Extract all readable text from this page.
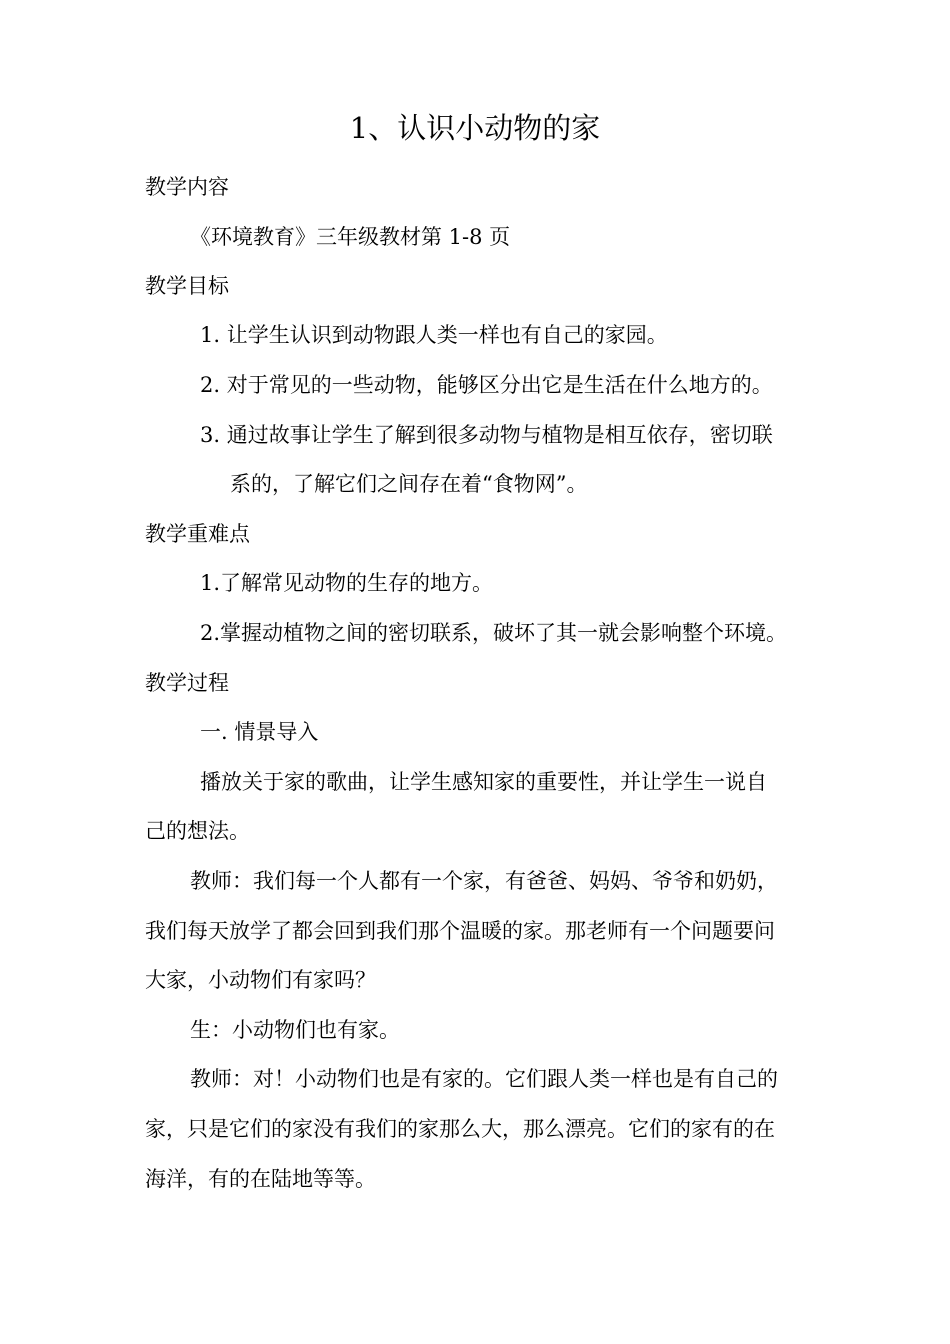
1、认识小动物的家
教学内容
《环境教育》三年级教材第 1-8 页
教学目标
1. 让学生认识到动物跟人类一样也有自己的家园。
2. 对于常见的一些动物，能够区分出它是生活在什么地方的。
3. 通过故事让学生了解到很多动物与植物是相互依存，密切联
系的，了解它们之间存在着“食物网”。
教学重难点
1.了解常见动物的生存的地方。
2.掌握动植物之间的密切联系，破坏了其一就会影响整个环境。
教学过程
一. 情景导入
播放关于家的歌曲，让学生感知家的重要性，并让学生一说自
己的想法。
教师：我们每一个人都有一个家，有爸爸、妈妈、爷爷和奶奶，
我们每天放学了都会回到我们那个温暖的家。那老师有一个问题要问
大家，小动物们有家吗？
生：小动物们也有家。
教师：对！小动物们也是有家的。它们跟人类一样也是有自己的
家，只是它们的家没有我们的家那么大，那么漂亮。它们的家有的在
海洋，有的在陆地等等。
